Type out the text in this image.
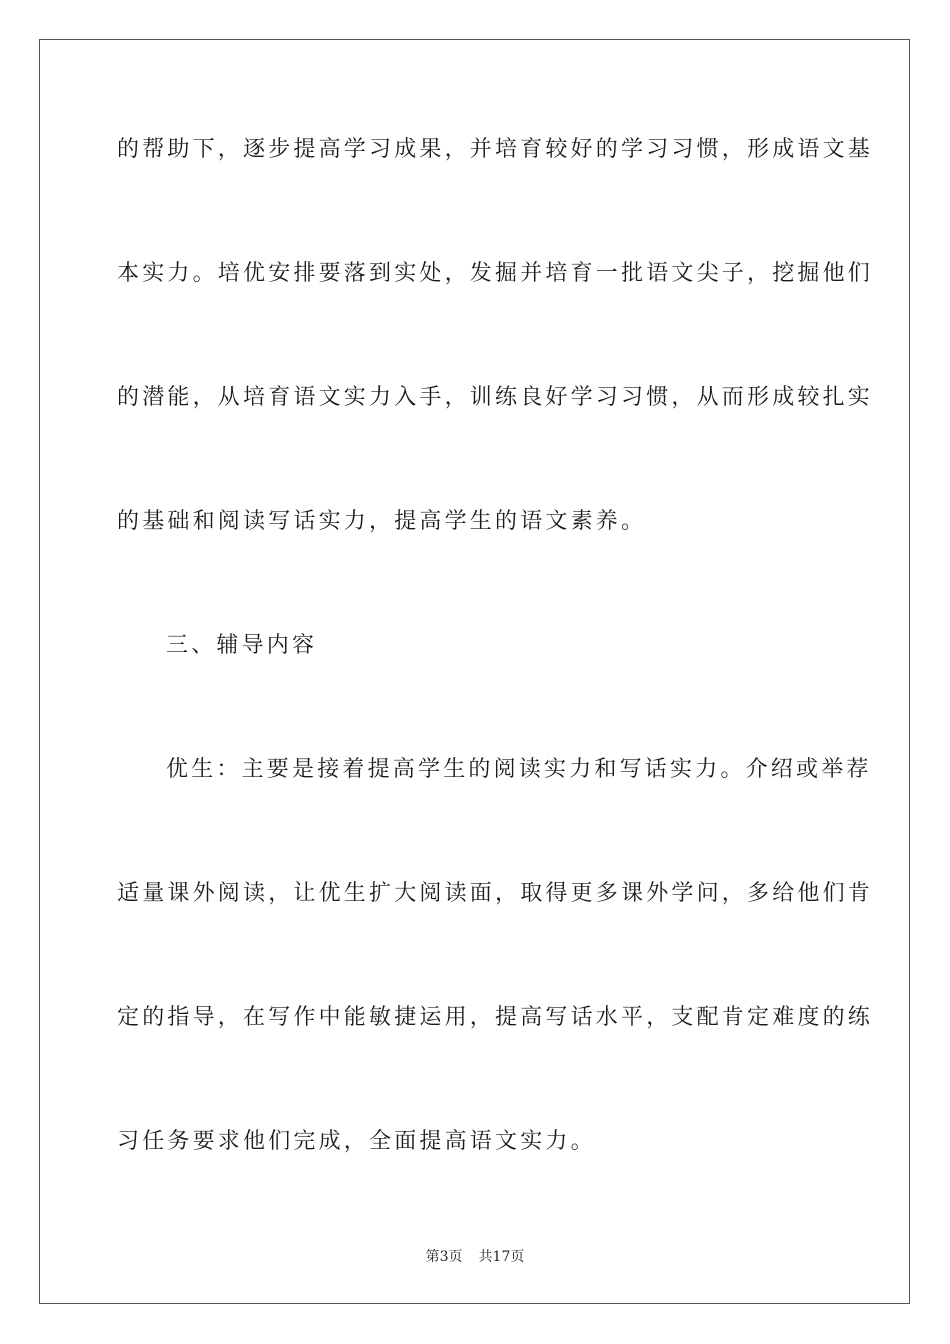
的帮助下，逐步提高学习成果，并培育较好的学习习惯，形成语文基
本实力。培优安排要落到实处，发掘并培育一批语文尖子，挖掘他们
的潜能，从培育语文实力入手，训练良好学习习惯，从而形成较扎实
的基础和阅读写话实力，提高学生的语文素养。
三、辅导内容
优生：主要是接着提高学生的阅读实力和写话实力。介绍或举荐
适量课外阅读，让优生扩大阅读面，取得更多课外学问，多给他们肯
定的指导，在写作中能敏捷运用，提高写话水平，支配肯定难度的练
习任务要求他们完成，全面提高语文实力。
第3页 共17页
